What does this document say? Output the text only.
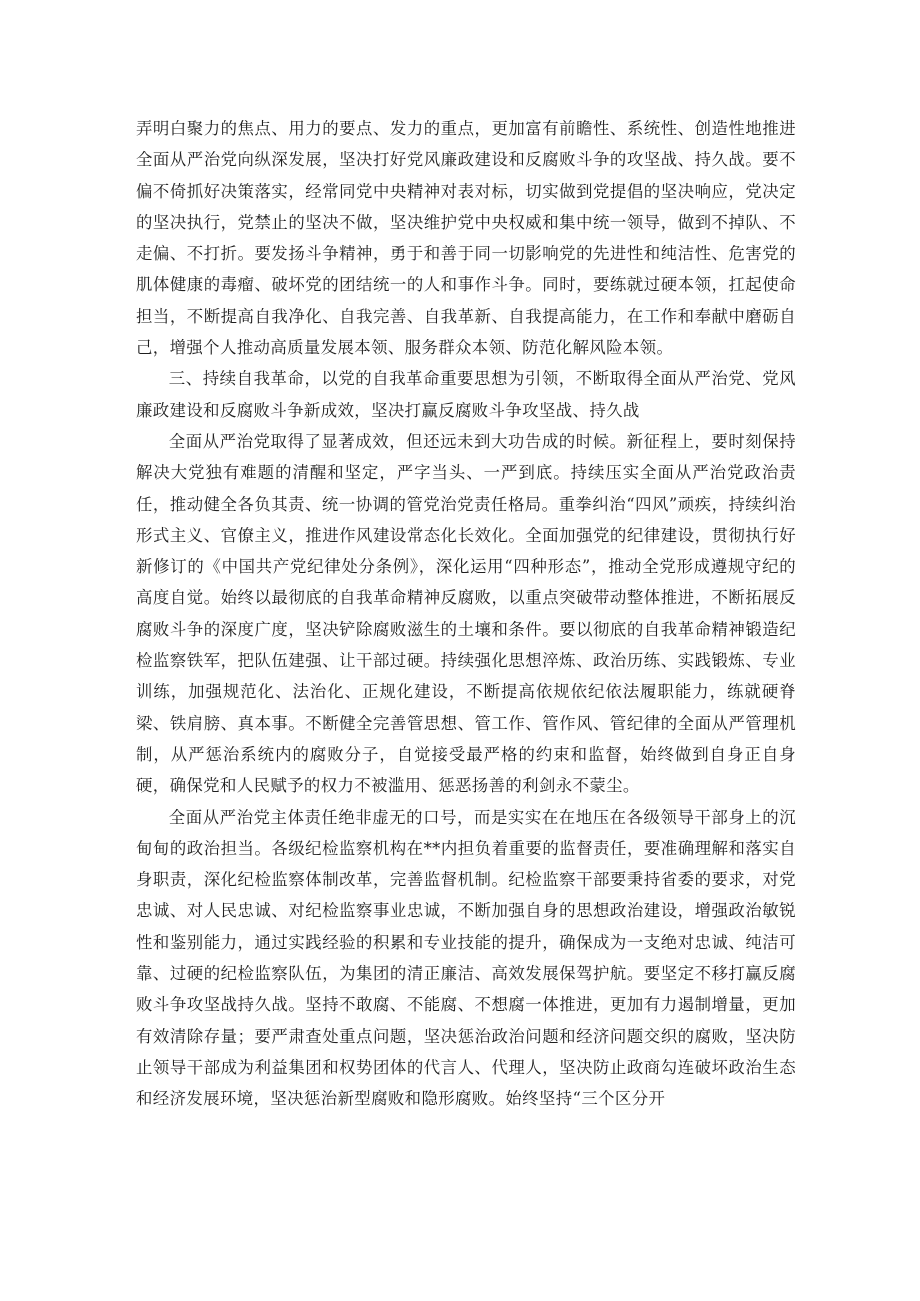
弄明白聚力的焦点、用力的要点、发力的重点，更加富有前瞻性、系统性、创造性地推进全面从严治党向纵深发展，坚决打好党风廉政建设和反腐败斗争的攻坚战、持久战。要不偏不倚抓好决策落实，经常同党中央精神对表对标，切实做到党提倡的坚决响应，党决定的坚决执行，党禁止的坚决不做，坚决维护党中央权威和集中统一领导，做到不掉队、不走偏、不打折。要发扬斗争精神，勇于和善于同一切影响党的先进性和纯洁性、危害党的肌体健康的毒瘤、破坏党的团结统一的人和事作斗争。同时，要练就过硬本领，扛起使命担当，不断提高自我净化、自我完善、自我革新、自我提高能力，在工作和奉献中磨砺自己，增强个人推动高质量发展本领、服务群众本领、防范化解风险本领。

三、持续自我革命，以党的自我革命重要思想为引领，不断取得全面从严治党、党风廉政建设和反腐败斗争新成效，坚决打赢反腐败斗争攻坚战、持久战

全面从严治党取得了显著成效，但还远未到大功告成的时候。新征程上，要时刻保持解决大党独有难题的清醒和坚定，严字当头、一严到底。持续压实全面从严治党政治责任，推动健全各负其责、统一协调的管党治党责任格局。重拳纠治“四风”顽疾，持续纠治形式主义、官僚主义，推进作风建设常态化长效化。全面加强党的纪律建设，贯彻执行好新修订的《中国共产党纪律处分条例》，深化运用“四种形态”，推动全党形成遵规守纪的高度自觉。始终以最彻底的自我革命精神反腐败，以重点突破带动整体推进，不断拓展反腐败斗争的深度广度，坚决铲除腐败滋生的土壤和条件。要以彻底的自我革命精神锻造纪检监察铁军，把队伍建强、让干部过硬。持续强化思想淬炼、政治历练、实践锻炼、专业训练，加强规范化、法治化、正规化建设，不断提高依规依纪依法履职能力，练就硬脊梁、铁肩膀、真本事。不断健全完善管思想、管工作、管作风、管纪律的全面从严管理机制，从严惩治系统内的腐败分子，自觉接受最严格的约束和监督，始终做到自身正自身硬，确保党和人民赋予的权力不被滥用、惩恶扬善的利剑永不蒙尘。

全面从严治党主体责任绝非虚无的口号，而是实实在在地压在各级领导干部身上的沉甸甸的政治担当。各级纪检监察机构在**内担负着重要的监督责任，要准确理解和落实自身职责，深化纪检监察体制改革，完善监督机制。纪检监察干部要秉持省委的要求，对党忠诚、对人民忠诚、对纪检监察事业忠诚，不断加强自身的思想政治建设，增强政治敏锐性和鉴别能力，通过实践经验的积累和专业技能的提升，确保成为一支绝对忠诚、纯洁可靠、过硬的纪检监察队伍，为集团的清正廉洁、高效发展保驾护航。要坚定不移打赢反腐败斗争攻坚战持久战。坚持不敢腐、不能腐、不想腐一体推进，更加有力遏制增量，更加有效清除存量；要严肃查处重点问题，坚决惩治政治问题和经济问题交织的腐败，坚决防止领导干部成为利益集团和权势团体的代言人、代理人，坚决防止政商勾连破坏政治生态和经济发展环境，坚决惩治新型腐败和隐形腐败。始终坚持“三个区分开
